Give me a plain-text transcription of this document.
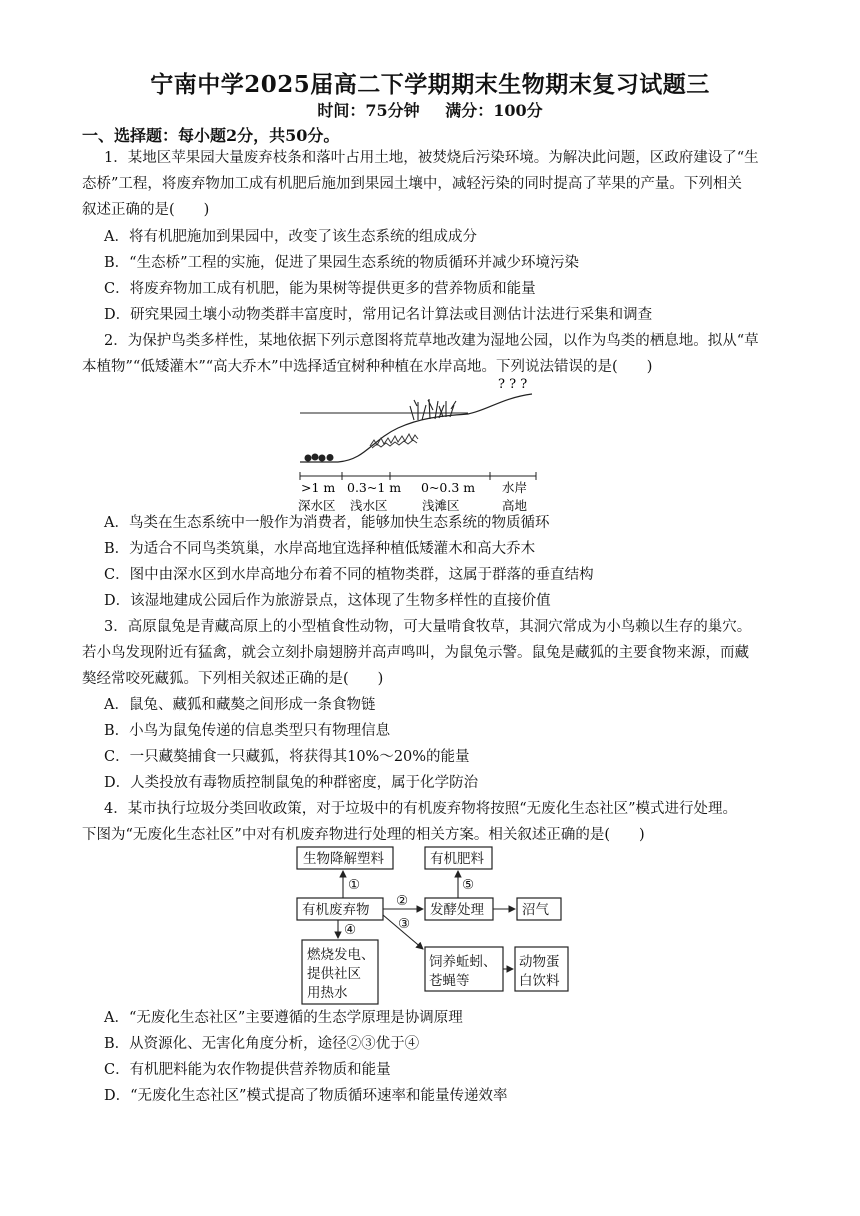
宁南中学2025届高二下学期期末生物期末复习试题三
时间：75分钟 满分：100分
一、选择题：每小题2分，共50分。
1．某地区苹果园大量废弃枝条和落叶占用土地，被焚烧后污染环境。为解决此问题，区政府建设了“生
态桥”工程，将废弃物加工成有机肥后施加到果园土壤中，减轻污染的同时提高了苹果的产量。下列相关
叙述正确的是(　　)
A．将有机肥施加到果园中，改变了该生态系统的组成成分
B．“生态桥”工程的实施，促进了果园生态系统的物质循环并减少环境污染
C．将废弃物加工成有机肥，能为果树等提供更多的营养物质和能量
D．研究果园土壤小动物类群丰富度时，常用记名计算法或目测估计法进行采集和调查
2．为保护鸟类多样性，某地依据下列示意图将荒草地改建为湿地公园，以作为鸟类的栖息地。拟从“草
本植物”“低矮灌木”“高大乔木”中选择适宜树种种植在水岸高地。下列说法错误的是(　　)
? ? ?
>1 m 0.3~1 m 0~0.3 m 水岸
深水区 浅水区	浅滩区	高地
A．鸟类在生态系统中一般作为消费者，能够加快生态系统的物质循环
B．为适合不同鸟类筑巢，水岸高地宜选择种植低矮灌木和高大乔木
C．图中由深水区到水岸高地分布着不同的植物类群，这属于群落的垂直结构
D．该湿地建成公园后作为旅游景点，这体现了生物多样性的直接价值
3．高原鼠兔是青藏高原上的小型植食性动物，可大量啃食牧草，其洞穴常成为小鸟赖以生存的巢穴。
若小鸟发现附近有猛禽，就会立刻扑扇翅膀并高声鸣叫，为鼠兔示警。鼠兔是藏狐的主要食物来源，而藏
獒经常咬死藏狐。下列相关叙述正确的是(　　)
A．鼠兔、藏狐和藏獒之间形成一条食物链
B．小鸟为鼠兔传递的信息类型只有物理信息
C．一只藏獒捕食一只藏狐，将获得其10%～20%的能量
D．人类投放有毒物质控制鼠兔的种群密度，属于化学防治
4．某市执行垃圾分类回收政策，对于垃圾中的有机废弃物将按照“无废化生态社区”模式进行处理。
下图为“无废化生态社区”中对有机废弃物进行处理的相关方案。相关叙述正确的是(　　)
生物降解塑料	有机肥料
有机废弃物	发酵处理	沼气
燃烧发电、
提供社区
用热水
饲养蚯蚓、
苍蝇等
动物蛋
白饮料
①
②
③
④
⑤
A．“无废化生态社区”主要遵循的生态学原理是协调原理
B．从资源化、无害化角度分析，途径②③优于④
C．有机肥料能为农作物提供营养物质和能量
D．“无废化生态社区”模式提高了物质循环速率和能量传递效率
